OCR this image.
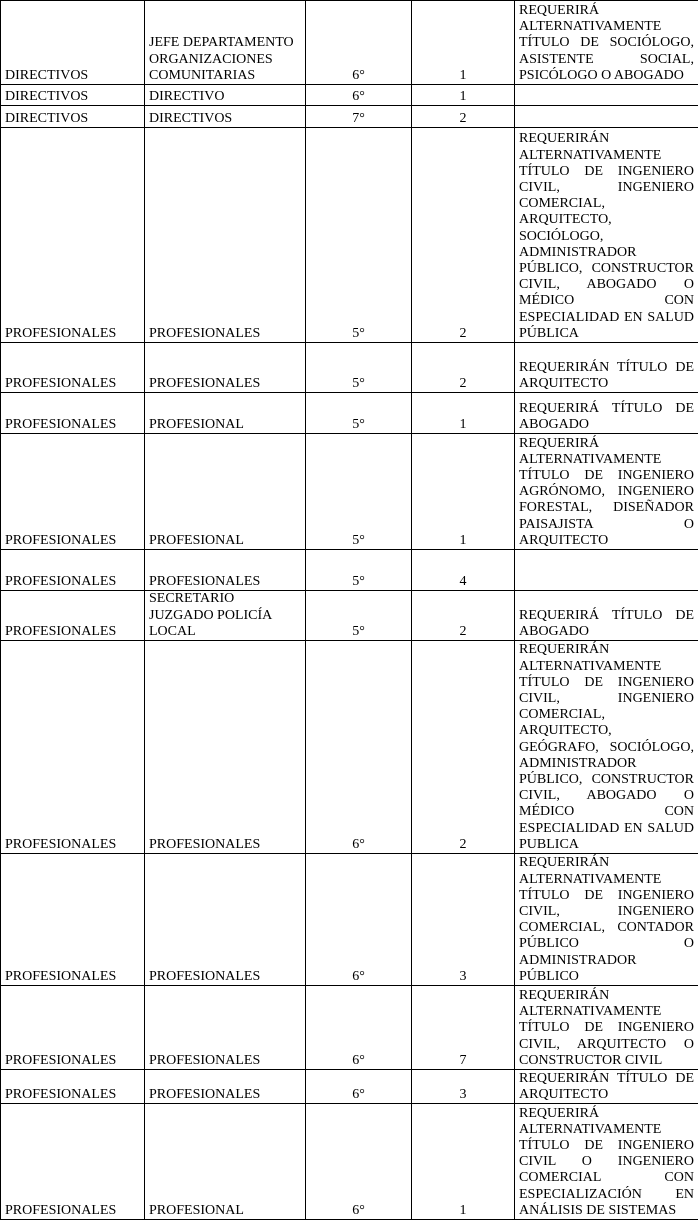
DIRECTIVOS	JEFE DEPARTAMENTO ORGANIZACIONES COMUNITARIAS	6°	1	REQUERIRÁ ALTERNATIVAMENTE TÍTULO DE SOCIÓLOGO, ASISTENTE SOCIAL, PSICÓLOGO O ABOGADO
DIRECTIVOS	DIRECTIVO	6°	1	
DIRECTIVOS	DIRECTIVOS	7°	2	
PROFESIONALES	PROFESIONALES	5°	2	REQUERIRÁN ALTERNATIVAMENTE TÍTULO DE INGENIERO CIVIL, INGENIERO COMERCIAL, ARQUITECTO, SOCIÓLOGO, ADMINISTRADOR PÚBLICO, CONSTRUCTOR CIVIL, ABOGADO O MÉDICO CON ESPECIALIDAD EN SALUD PÚBLICA
PROFESIONALES	PROFESIONALES	5°	2	REQUERIRÁN TÍTULO DE ARQUITECTO
PROFESIONALES	PROFESIONAL	5°	1	REQUERIRÁ TÍTULO DE ABOGADO
PROFESIONALES	PROFESIONAL	5°	1	REQUERIRÁ ALTERNATIVAMENTE TÍTULO DE INGENIERO AGRÓNOMO, INGENIERO FORESTAL, DISEÑADOR PAISAJISTA O ARQUITECTO
PROFESIONALES	PROFESIONALES	5°	4	
PROFESIONALES	SECRETARIO JUZGADO POLICÍA LOCAL	5°	2	REQUERIRÁ TÍTULO DE ABOGADO
PROFESIONALES	PROFESIONALES	6°	2	REQUERIRÁN ALTERNATIVAMENTE TÍTULO DE INGENIERO CIVIL, INGENIERO COMERCIAL, ARQUITECTO, GEÓGRAFO, SOCIÓLOGO, ADMINISTRADOR PÚBLICO, CONSTRUCTOR CIVIL, ABOGADO O MÉDICO CON ESPECIALIDAD EN SALUD PUBLICA
PROFESIONALES	PROFESIONALES	6°	3	REQUERIRÁN ALTERNATIVAMENTE TÍTULO DE INGENIERO CIVIL, INGENIERO COMERCIAL, CONTADOR PÚBLICO O ADMINISTRADOR PÚBLICO
PROFESIONALES	PROFESIONALES	6°	7	REQUERIRÁN ALTERNATIVAMENTE TÍTULO DE INGENIERO CIVIL, ARQUITECTO O CONSTRUCTOR CIVIL
PROFESIONALES	PROFESIONALES	6°	3	REQUERIRÁN TÍTULO DE ARQUITECTO
PROFESIONALES	PROFESIONAL	6°	1	REQUERIRÁ ALTERNATIVAMENTE TÍTULO DE INGENIERO CIVIL O INGENIERO COMERCIAL CON ESPECIALIZACIÓN EN ANÁLISIS DE SISTEMAS
